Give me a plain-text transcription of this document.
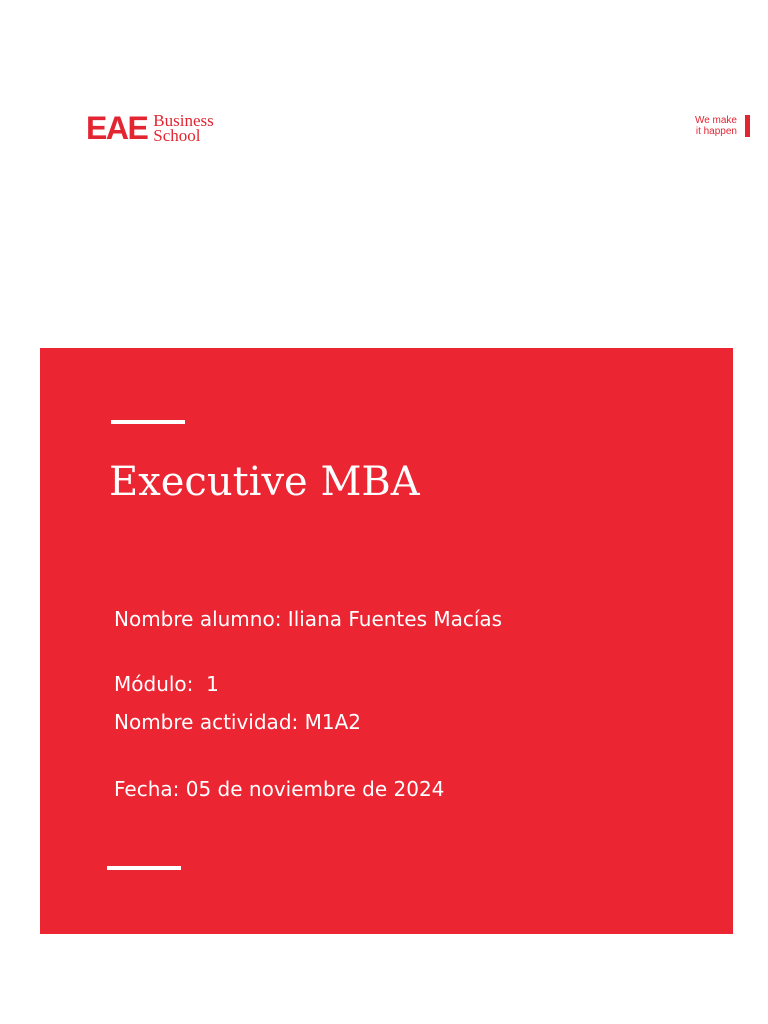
EAE Business
School
We make
it happen
Executive MBA

Nombre alumno: Iliana Fuentes Macías

Módulo:  1

Nombre actividad: M1A2

Fecha: 05 de noviembre de 2024
